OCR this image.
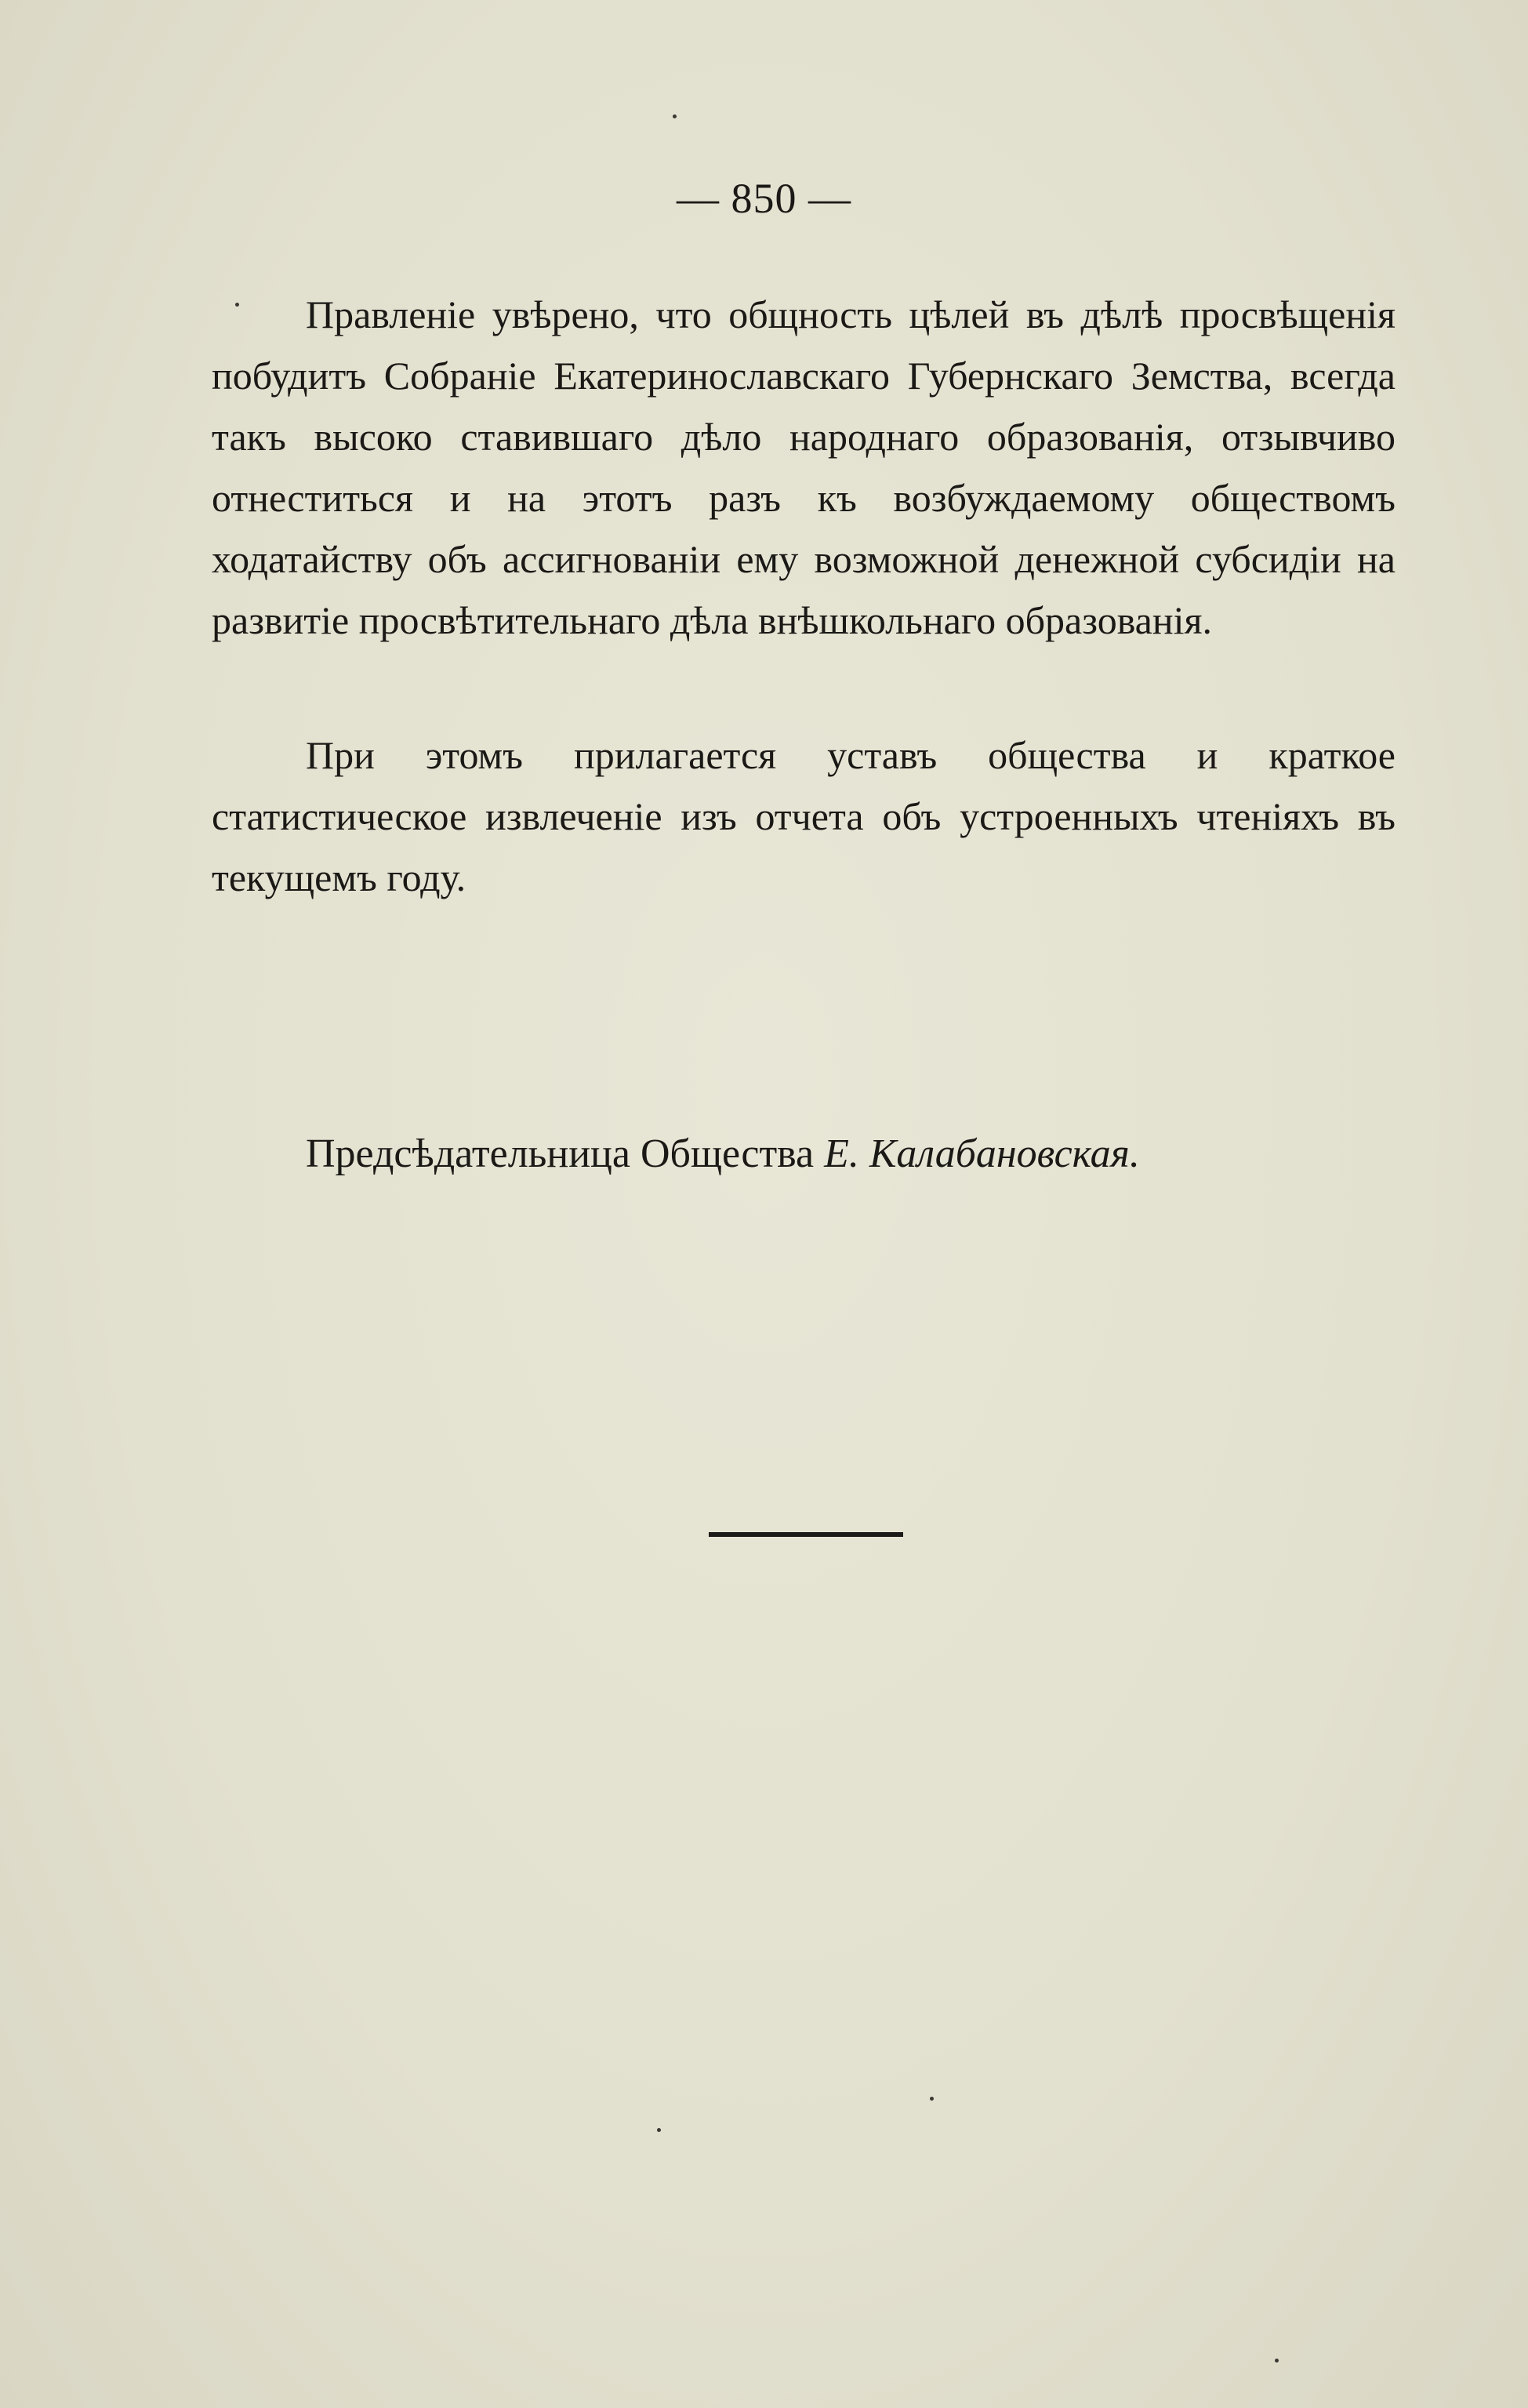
— 850 —

Правленіе увѣрено, что общность цѣлей въ дѣлѣ просвѣщенія побудитъ Собраніе Екатеринославскаго Губернскаго Земства, всегда такъ высоко ставившаго дѣло народнаго образованія, отзывчиво отнеститься и на этотъ разъ къ возбуждаемому обществомъ ходатайству объ ассигнованіи ему возможной денежной субсидіи на развитіе просвѣтительнаго дѣла внѣшкольнаго образованія.

При этомъ прилагается уставъ общества и краткое статистическое извлеченіе изъ отчета объ устроенныхъ чтеніяхъ въ текущемъ году.

Предсѣдательница Общества Е. Калабановская.
